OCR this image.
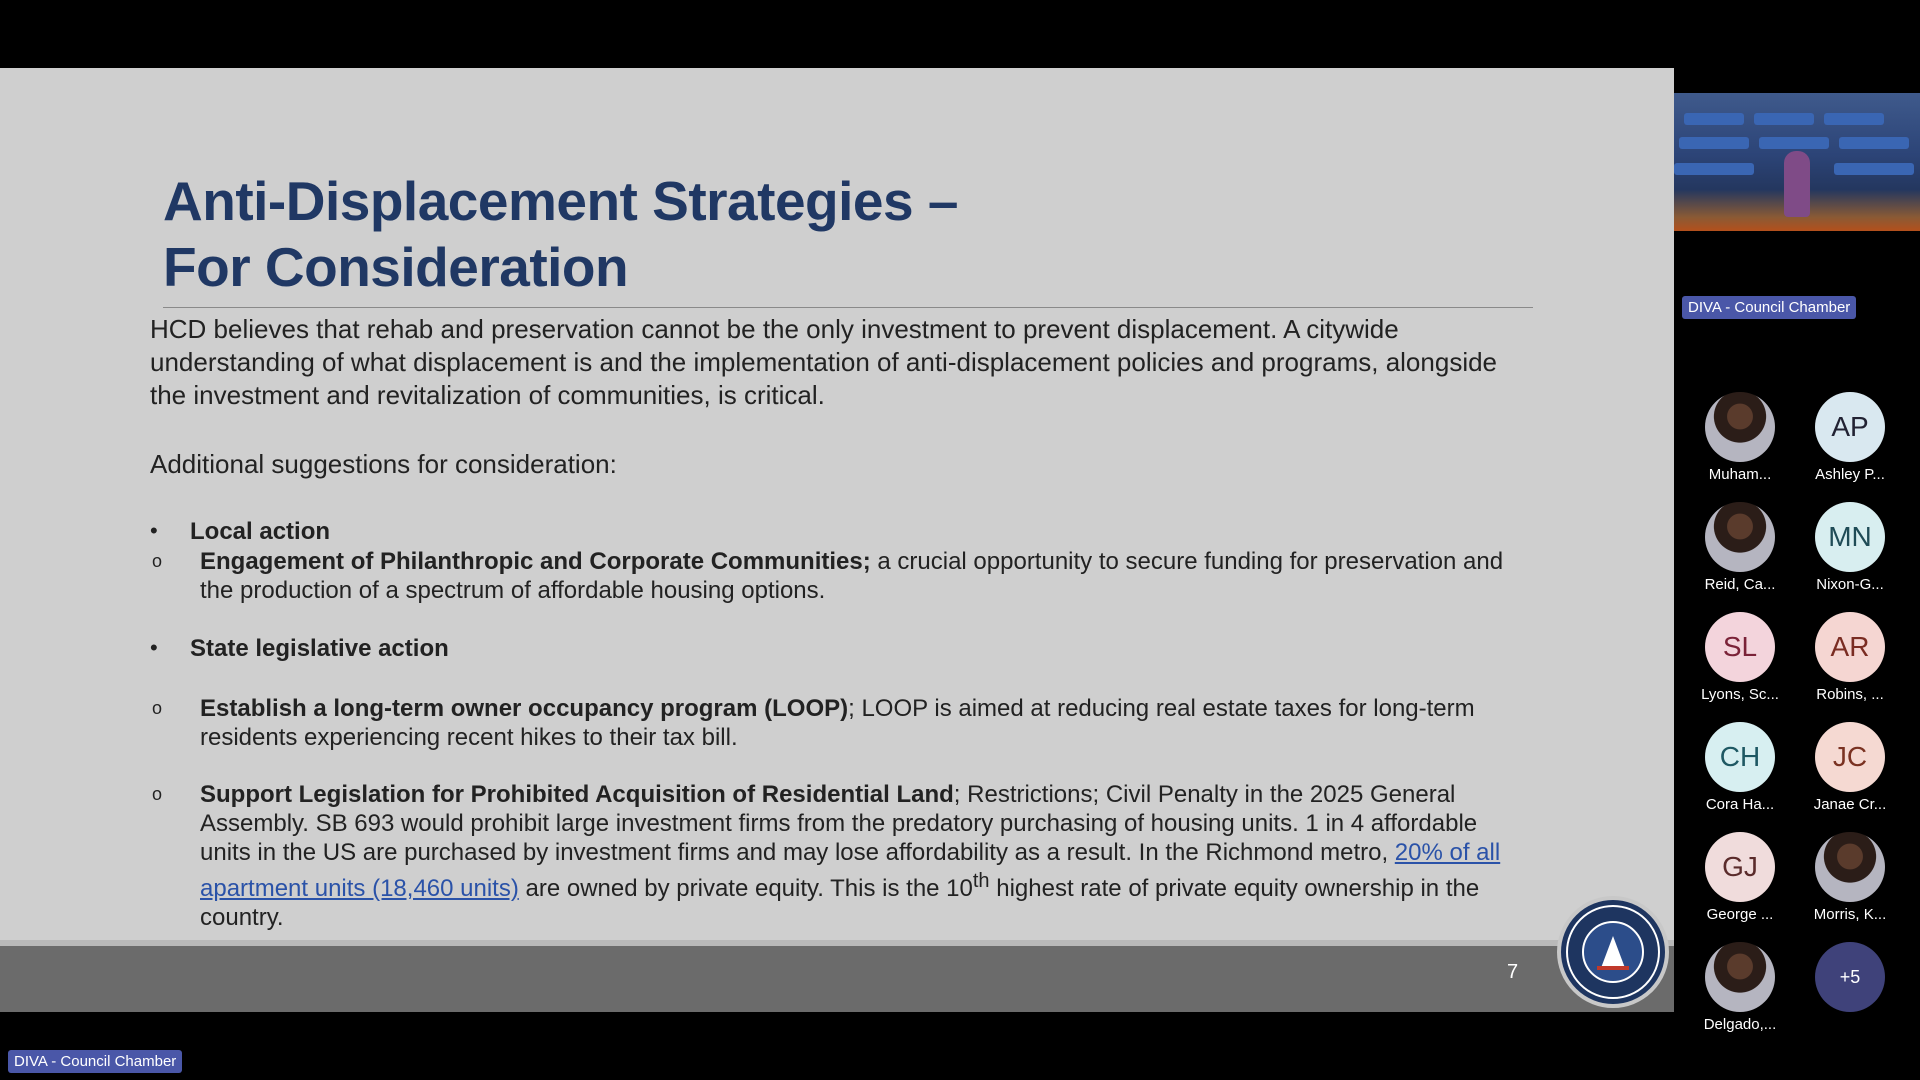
Anti-Displacement Strategies –
For Consideration

HCD believes that rehab and preservation cannot be the only investment to prevent displacement. A citywide understanding of what displacement is and the implementation of anti-displacement policies and programs, alongside the investment and revitalization of communities, is critical.

Additional suggestions for consideration:

• Local action
o Engagement of Philanthropic and Corporate Communities; a crucial opportunity to secure funding for preservation and the production of a spectrum of affordable housing options.
• State legislative action
o Establish a long-term owner occupancy program (LOOP); LOOP is aimed at reducing real estate taxes for long-term residents experiencing recent hikes to their tax bill.
o Support Legislation for Prohibited Acquisition of Residential Land; Restrictions; Civil Penalty in the 2025 General Assembly. SB 693 would prohibit large investment firms from the predatory purchasing of housing units. 1 in 4 affordable units in the US are purchased by investment firms and may lose affordability as a result. In the Richmond metro, 20% of all apartment units (18,460 units) are owned by private equity. This is the 10th highest rate of private equity ownership in the country.
7
DIVA - Council Chamber
Muham...
AP
Ashley P...
Reid, Ca...
MN
Nixon-G...
SL
Lyons, Sc...
AR
Robins, ...
CH
Cora Ha...
JC
Janae Cr...
GJ
George ...	Morris, K...
Delgado,...
+5
DIVA - Council Chamber
